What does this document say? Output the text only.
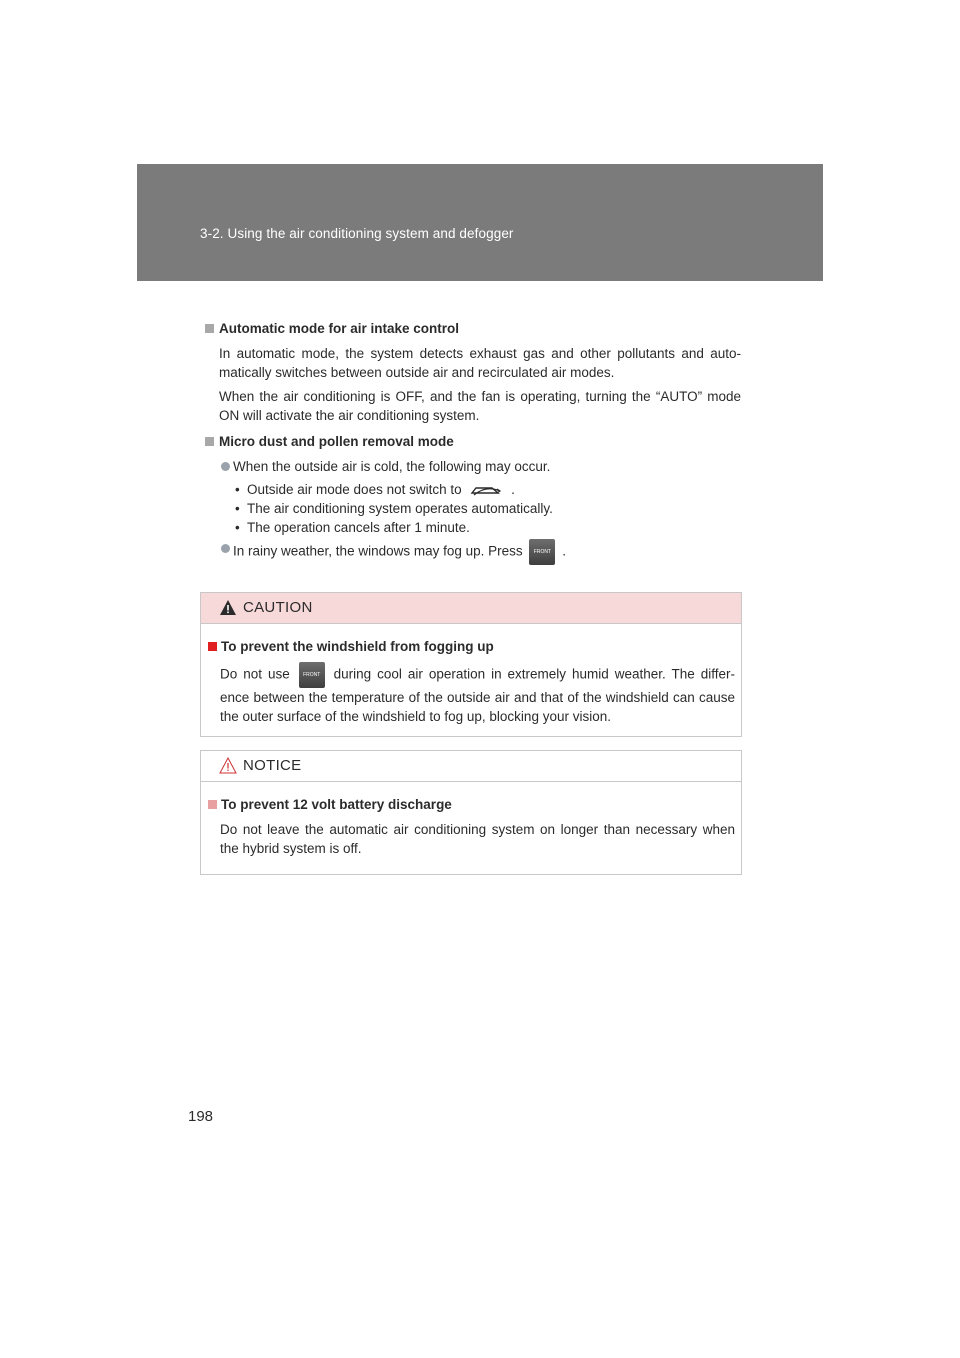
3-2. Using the air conditioning system and defogger
Automatic mode for air intake control
In automatic mode, the system detects exhaust gas and other pollutants and auto-matically switches between outside air and recirculated air modes.
When the air conditioning is OFF, and the fan is operating, turning the “AUTO” mode ON will activate the air conditioning system.
Micro dust and pollen removal mode
When the outside air is cold, the following may occur.
• Outside air mode does not switch to	.
• The air conditioning system operates automatically.
• The operation cancels after 1 minute.
In rainy weather, the windows may fog up. Press	FRONT .
CAUTION
To prevent the windshield from fogging up
Do not use	FRONT during cool air operation in extremely humid weather. The differ-ence between the temperature of the outside air and that of the windshield can cause the outer surface of the windshield to fog up, blocking your vision.
NOTICE
To prevent 12 volt battery discharge
Do not leave the automatic air conditioning system on longer than necessary when the hybrid system is off.
198
